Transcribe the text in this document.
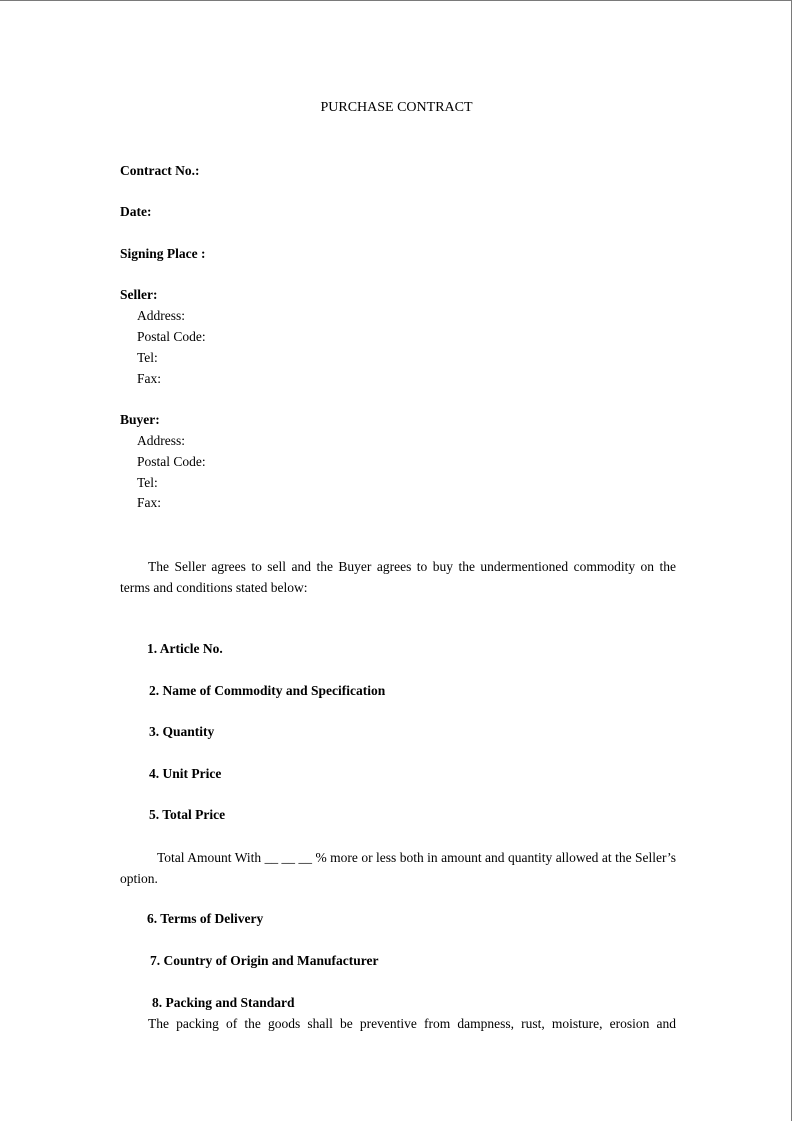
PURCHASE CONTRACT
Contract No.:
Date:
Signing Place :
Seller:
Address:
Postal Code:
Tel:
Fax:
Buyer:
Address:
Postal Code:
Tel:
Fax:
The Seller agrees to sell and the Buyer agrees to buy the undermentioned commodity on the terms and conditions stated below:
1. Article No.
2. Name of Commodity and Specification
3. Quantity
4. Unit Price
5. Total Price
Total Amount With __ __ __ % more or less both in amount and quantity allowed at the Seller’s option.
6. Terms of Delivery
7. Country of Origin and Manufacturer
8. Packing and Standard
The packing of the goods shall be preventive from dampness, rust, moisture, erosion and
